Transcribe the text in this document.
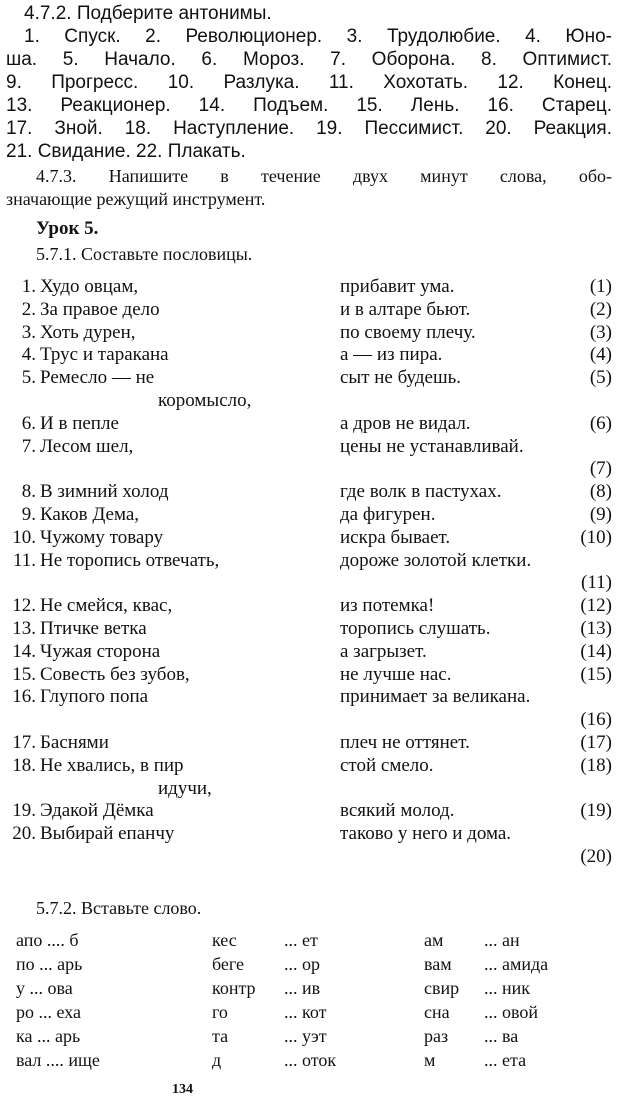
4.7.2. Подберите антонимы.
1. Спуск. 2. Революционер. 3. Трудолюбие. 4. Юно-
ша. 5. Начало. 6. Мороз. 7. Оборона. 8. Оптимист.
9. Прогресс. 10. Разлука. 11. Хохотать. 12. Конец.
13. Реакционер. 14. Подъем. 15. Лень. 16. Старец.
17. Зной. 18. Наступление. 19. Пессимист. 20. Реакция.
21. Свидание. 22. Плакать.
4.7.3. Напишите в течение двух минут слова, обо-
значающие режущий инструмент.
Урок 5.
5.7.1. Составьте пословицы.
1. Худо овцам,	прибавит ума.	(1)
2. За правое дело	и в алтаре бьют.	(2)
3. Хоть дурен,	по своему плечу.	(3)
4. Трус и таракана	а — из пира.	(4)
5. Ремесло — не	сыт не будешь.	(5)
коромысло,
6. И в пепле	а дров не видал.	(6)
7. Лесом шел,	цены не устанавливай.
(7)
8. В зимний холод	где волк в пастухах.	(8)
9. Каков Дема,	да фигурен.	(9)
10. Чужому товару	искра бывает.	(10)
11. Не торопись отвечать,	дороже золотой клетки.
(11)
12. Не смейся, квас,	из потемка!	(12)
13. Птичке ветка	торопись слушать.	(13)
14. Чужая сторона	а загрызет.	(14)
15. Совесть без зубов,	не лучше нас.	(15)
16. Глупого попа	принимает за великана.
(16)
17. Баснями	плеч не оттянет.	(17)
18. Не хвались, в пир	стой смело.	(18)
идучи,
19. Эдакой Дёмка	всякий молод.	(19)
20. Выбирай епанчу	таково у него и дома.
(20)
5.7.2. Вставьте слово.
апо .... б	кес	... ет	ам ... ан
по ... арь	беге ... ор	вам ... амида
у ... ова	контр ... ив	свир ... ник
ро ... еха	го	... кот	сна ... овой
ка ... арь	та	... уэт	раз ... ва
вал .... ище	д	... оток	м	... ета
134
